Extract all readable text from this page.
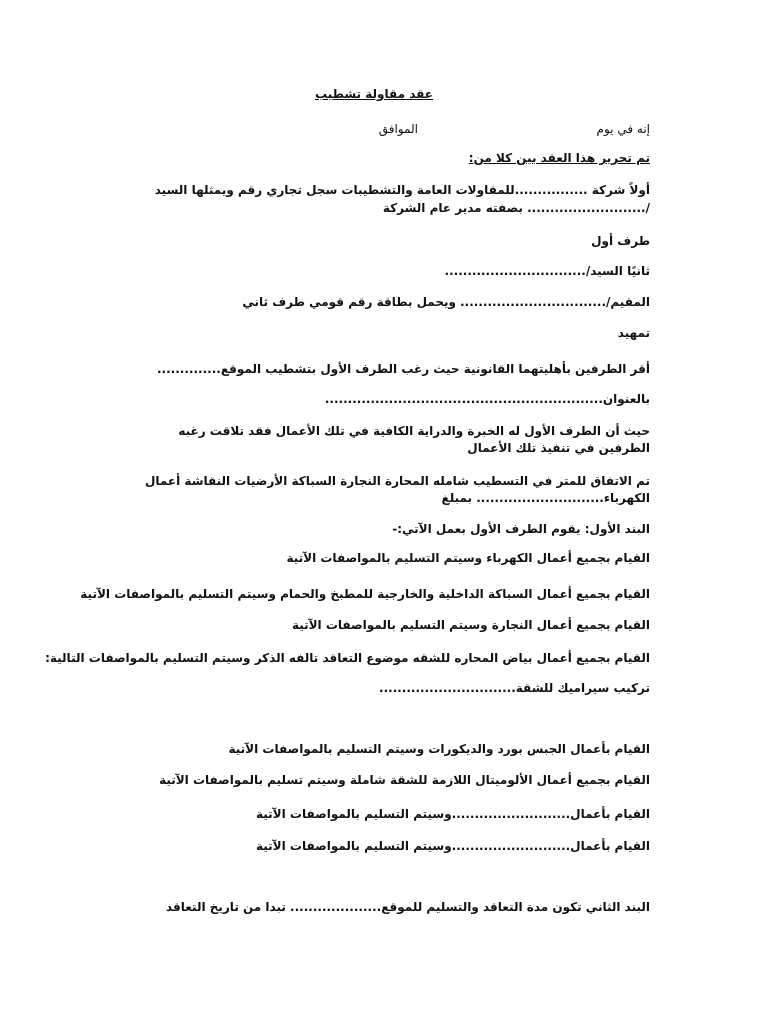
عقد مقاولة تشطيب
إنه في يوم
الموافق
تم تحرير هذا العقد بين كلا من:
أولاً شركة ................للمقاولات العامة والتشطيبات سجل تجاري رقم ويمثلها السيد
/.......................... بصفته مدير عام الشركة
طرف أول
ثانيًا السيد/...............................
المقيم/................................ ويحمل بطاقة رقم قومي طرف ثاني
تمهيد
أقر الطرفين بأهليتهما القانونية حيث رغب الطرف الأول بتشطيب الموقع..............
بالعنوان.............................................................
حيث أن الطرف الأول له الخبرة والدراية الكافية في تلك الأعمال فقد تلاقت رغبه الطرفين في تنفيذ تلك الأعمال
تم الاتفاق للمتر في التسطيب شامله المحارة النجارة السباكة الأرضيات النقاشة أعمال الكهرباء............................ بمبلغ
البند الأول: يقوم الطرف الأول بعمل الآتي:-
القيام بجميع أعمال الكهرباء وسيتم التسليم بالمواصفات الآتية
القيام بجميع أعمال السباكة الداخلية والخارجية للمطبخ والحمام وسيتم التسليم بالمواصفات الآتية
القيام بجميع أعمال النجارة وسيتم التسليم بالمواصفات الآتية
القيام بجميع أعمال بياض المحاره للشقه موضوع التعاقد تالفه الذكر وسيتم التسليم بالمواصفات التالية:
تركيب سيراميك للشقة..............................
القيام بأعمال الجبس بورد والديكورات وسيتم التسليم بالمواصفات الآتية
القيام بجميع أعمال الألوميتال اللازمة للشقة شاملة وسيتم تسليم بالمواصفات الآتية
القيام بأعمال..........................وسيتم التسليم بالمواصفات الآتية
القيام بأعمال..........................وسيتم التسليم بالمواصفات الآتية
البند الثاني تكون مدة التعاقد والتسليم للموقع.................... تبدا من تاريخ التعاقد
